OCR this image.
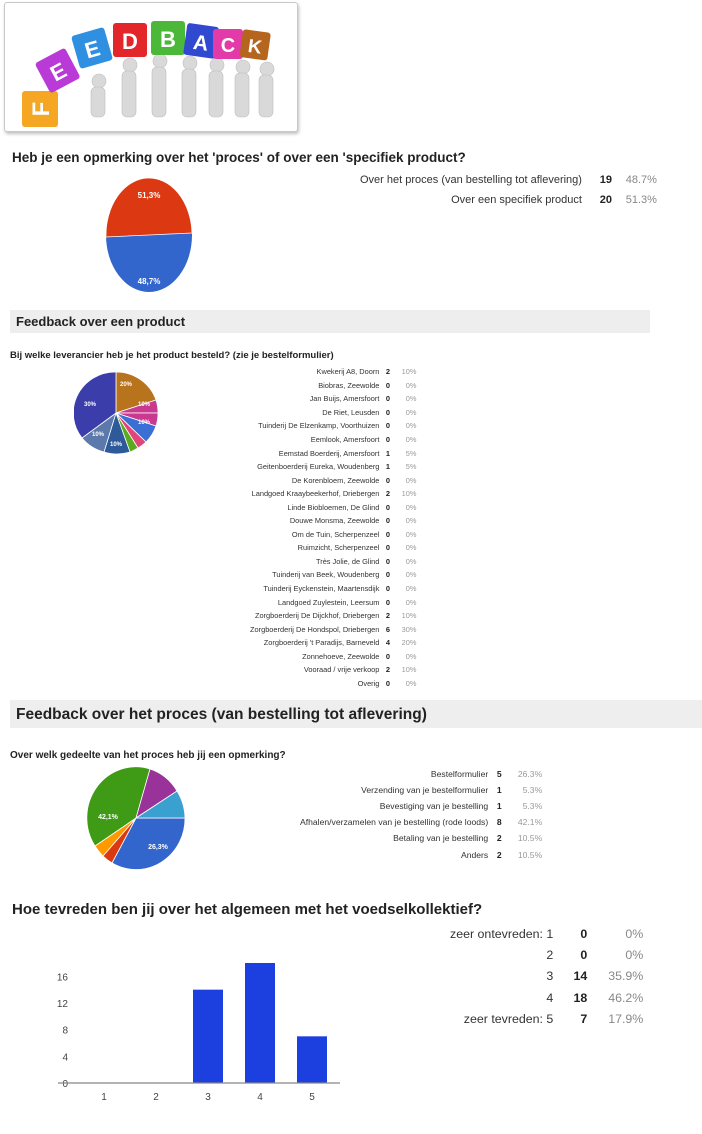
F
E
E D B A C K
Heb je een opmerking over het 'proces' of over een 'specifiek product?
51,3%
48,7%
Over het proces (van bestelling tot aflevering)	19	48.7%
Over een specifiek product	20	51.3%
Feedback over een product
Bij welke leverancier heb je het product besteld? (zie je bestelformulier)
20%
10%
10%
30%
10%
10%
Kwekerij A8, Doorn	2	10%
Biobras, Zeewolde	0	0%
Jan Buijs, Amersfoort	0	0%
De Riet, Leusden	0	0%
Tuinderij De Elzenkamp, Voorthuizen	0	0%
Eemlook, Amersfoort	0	0%
Eemstad Boerderij, Amersfoort	1	5%
Geitenboerderij Eureka, Woudenberg	1	5%
De Korenbloem, Zeewolde	0	0%
Landgoed Kraaybeekerhof, Driebergen	2	10%
Linde Biobloemen, De Glind	0	0%
Douwe Monsma, Zeewolde	0	0%
Om de Tuin, Scherpenzeel	0	0%
Ruimzicht, Scherpenzeel	0	0%
Très Jolie, de Glind	0	0%
Tuinderij van Beek, Woudenberg	0	0%
Tuinderij Eyckenstein, Maartensdijk	0	0%
Landgoed Zuylestein, Leersum	0	0%
Zorgboerderij De Dijckhof, Driebergen	2	10%
Zorgboerderij De Hondspol, Driebergen	6	30%
Zorgboerderij 't Paradijs, Barneveld	4	20%
Zonnehoeve, Zeewolde	0	0%
Vooraad / vrije verkoop	2	10%
Overig	0	0%
Feedback over het proces (van bestelling tot aflevering)
Over welk gedeelte van het proces heb jij een opmerking?
42,1%
26,3%
Bestelformulier	5	26.3%
Verzending van je bestelformulier	1	5.3%
Bevestiging van je bestelling	1	5.3%
Afhalen/verzamelen van je bestelling (rode loods)	8	42.1%
Betaling van je bestelling	2	10.5%
Anders	2	10.5%
Hoe tevreden ben jij over het algemeen met het voedselkollektief?
0
4
8
12
16
1	2	3	4	5
zeer ontevreden: 1	0	0%
2	0	0%
3	14	35.9%
4	18	46.2%
zeer tevreden: 5	7	17.9%
